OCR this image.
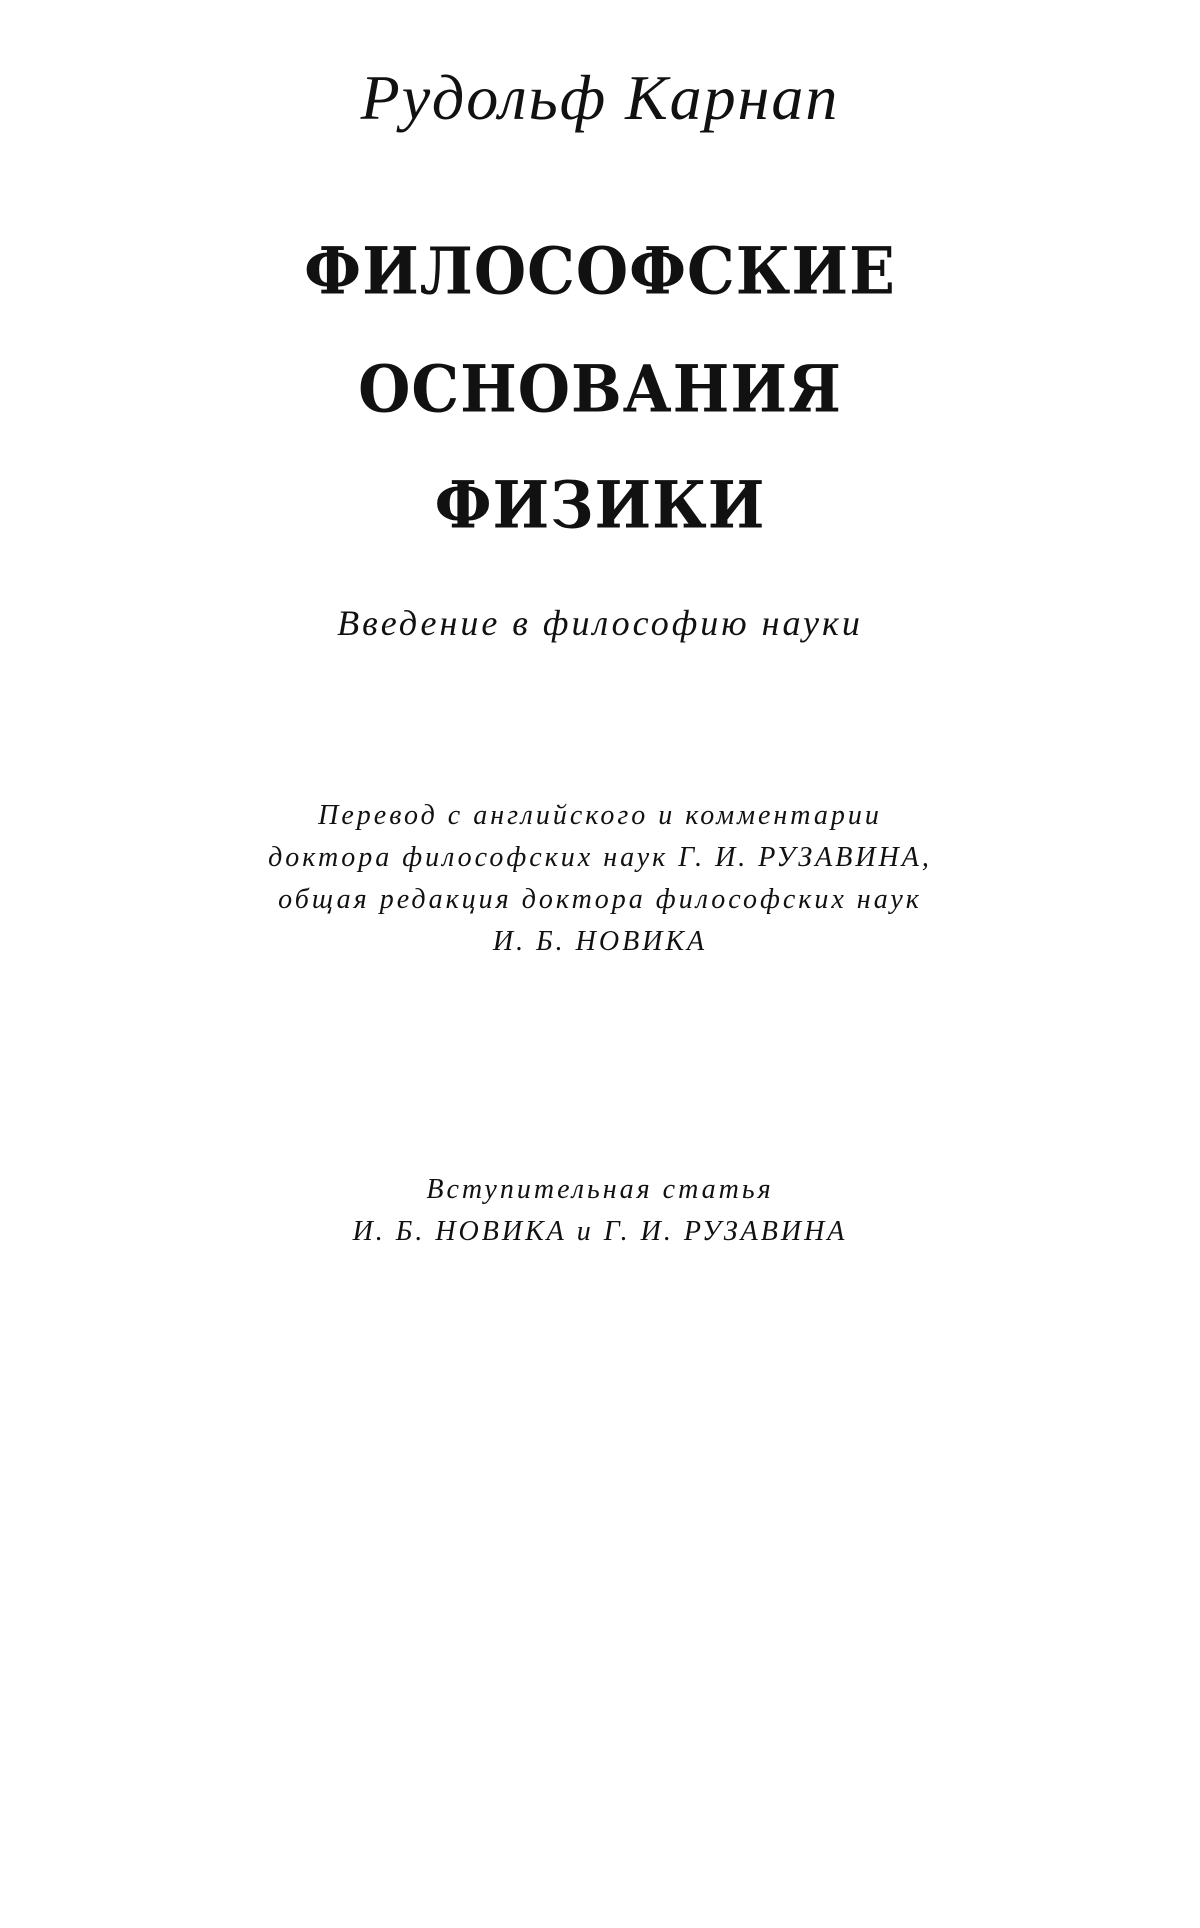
Рудольф Карнап
ФИЛОСОФСКИЕ
ОСНОВАНИЯ
ФИЗИКИ
Введение в философию науки
Перевод с английского и комментарии
доктора философских наук Г. И. РУЗАВИНА,
общая редакция доктора философских наук
И. Б. НОВИКА
Вступительная статья
И. Б. НОВИКА и Г. И. РУЗАВИНА
